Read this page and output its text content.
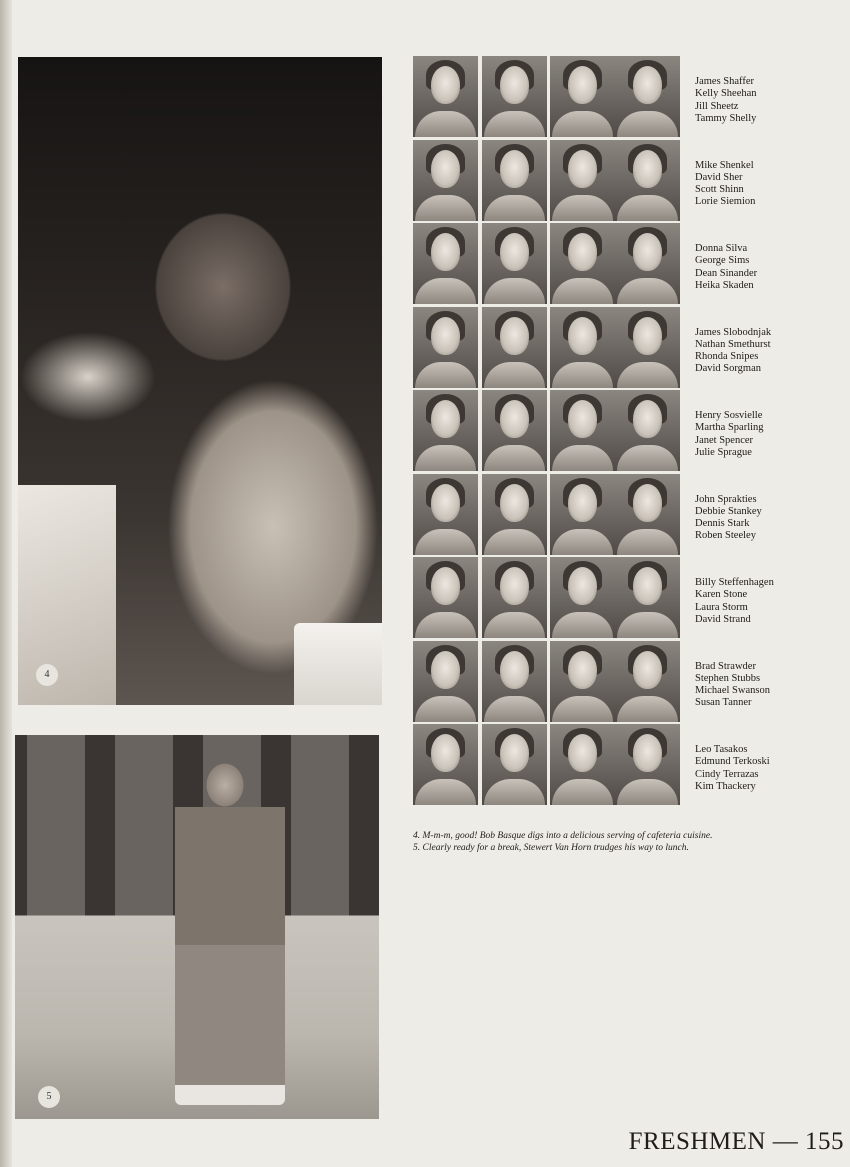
4
5
James Shaffer
Kelly Sheehan
Jill Sheetz
Tammy Shelly
Mike Shenkel
David Sher
Scott Shinn
Lorie Siemion
Donna Silva
George Sims
Dean Sinander
Heika Skaden
James Slobodnjak
Nathan Smethurst
Rhonda Snipes
David Sorgman
Henry Sosvielle
Martha Sparling
Janet Spencer
Julie Sprague
John Sprakties
Debbie Stankey
Dennis Stark
Roben Steeley
Billy Steffenhagen
Karen Stone
Laura Storm
David Strand
Brad Strawder
Stephen Stubbs
Michael Swanson
Susan Tanner
Leo Tasakos
Edmund Terkoski
Cindy Terrazas
Kim Thackery
4. M-m-m, good! Bob Basque digs into a delicious serving of cafeteria cuisine. 5. Clearly ready for a break, Stewert Van Horn trudges his way to lunch.
FRESHMEN — 155
